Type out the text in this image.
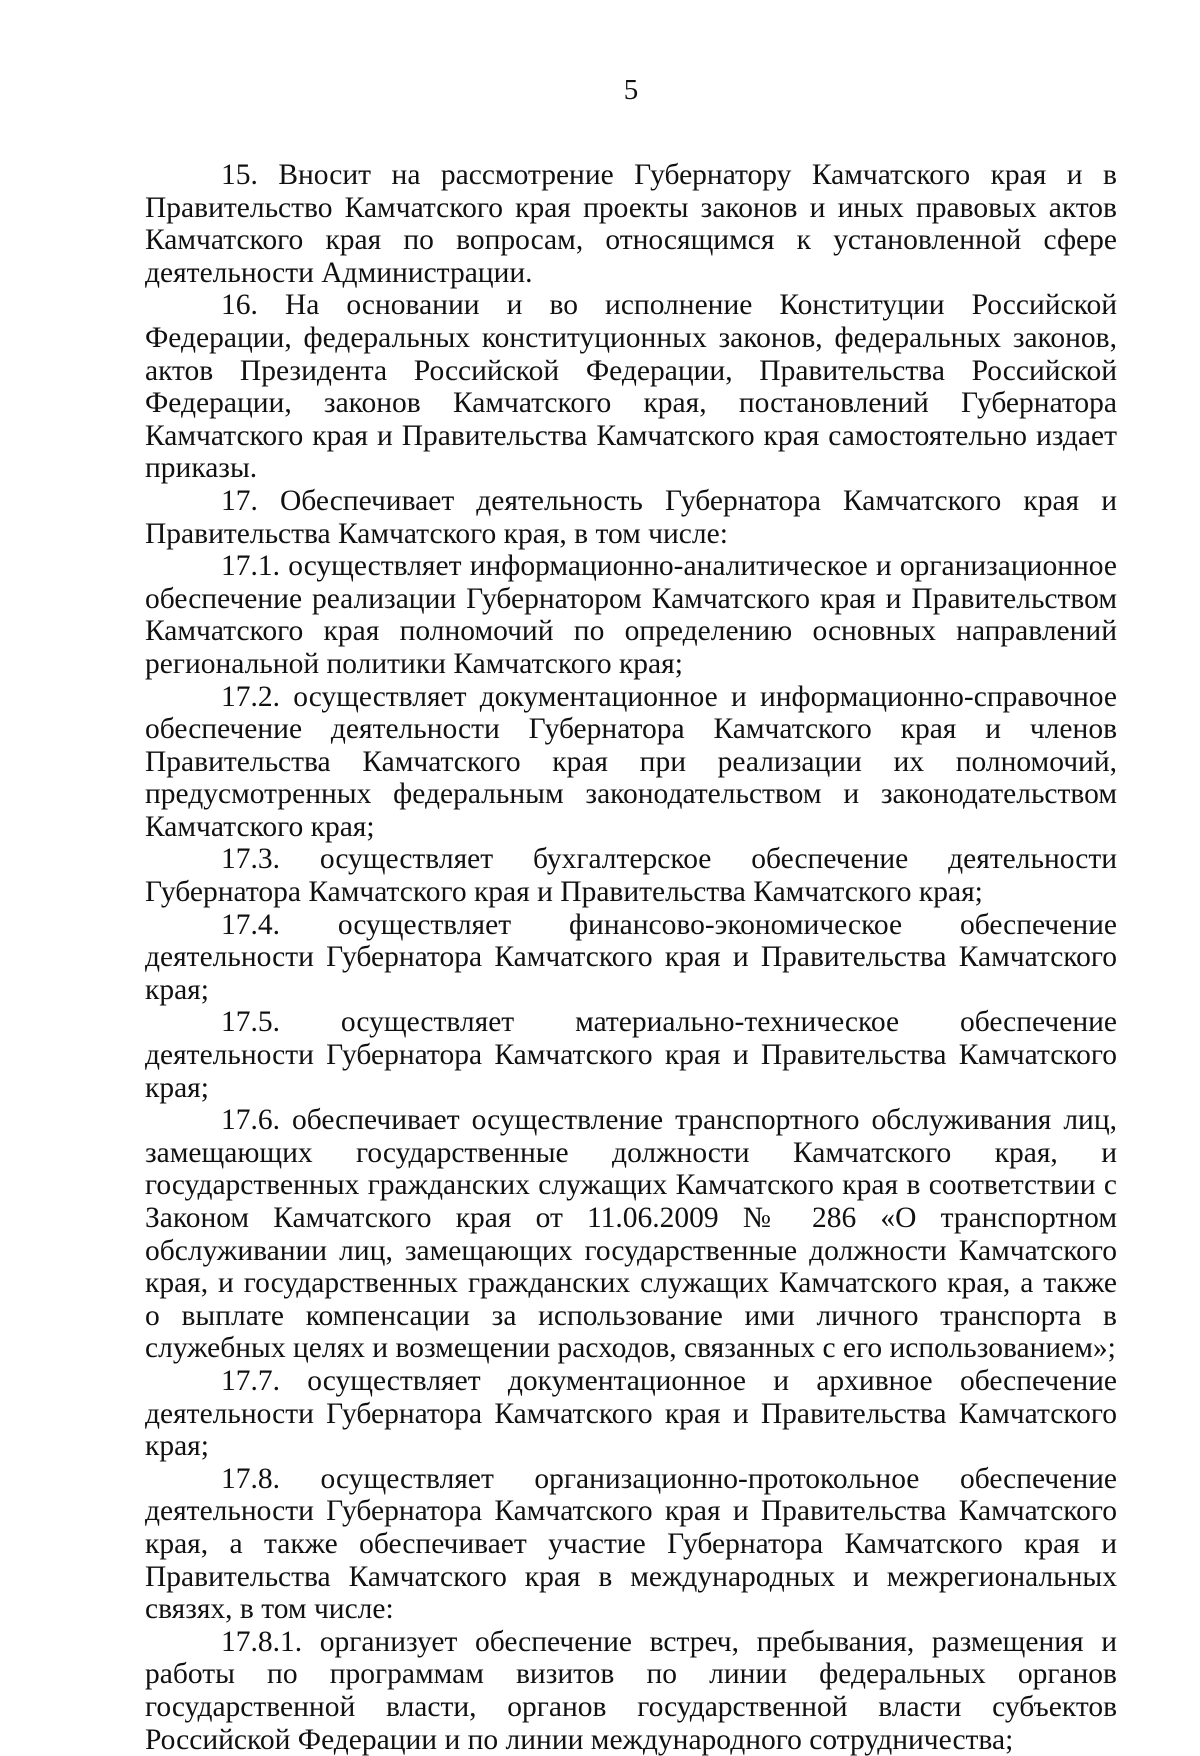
5

15. Вносит на рассмотрение Губернатору Камчатского края и в Правительство Камчатского края проекты законов и иных правовых актов Камчатского края по вопросам, относящимся к установленной сфере деятельности Администрации.

16. На основании и во исполнение Конституции Российской Федерации, федеральных конституционных законов, федеральных законов, актов Президента Российской Федерации, Правительства Российской Федерации, законов Камчатского края, постановлений Губернатора Камчатского края и Правительства Камчатского края самостоятельно издает приказы.

17. Обеспечивает деятельность Губернатора Камчатского края и Правительства Камчатского края, в том числе:

17.1. осуществляет информационно-аналитическое и организационное обеспечение реализации Губернатором Камчатского края и Правительством Камчатского края полномочий по определению основных направлений региональной политики Камчатского края;

17.2. осуществляет документационное и информационно-справочное обеспечение деятельности Губернатора Камчатского края и членов Правительства Камчатского края при реализации их полномочий, предусмотренных федеральным законодательством и законодательством Камчатского края;

17.3. осуществляет бухгалтерское обеспечение деятельности Губернатора Камчатского края и Правительства Камчатского края;

17.4. осуществляет финансово-экономическое обеспечение деятельности Губернатора Камчатского края и Правительства Камчатского края;

17.5. осуществляет материально-техническое обеспечение деятельности Губернатора Камчатского края и Правительства Камчатского края;

17.6. обеспечивает осуществление транспортного обслуживания лиц, замещающих государственные должности Камчатского края, и государственных гражданских служащих Камчатского края в соответствии с Законом Камчатского края от 11.06.2009 № 286 «О транспортном обслуживании лиц, замещающих государственные должности Камчатского края, и государственных гражданских служащих Камчатского края, а также о выплате компенсации за использование ими личного транспорта в служебных целях и возмещении расходов, связанных с его использованием»;

17.7. осуществляет документационное и архивное обеспечение деятельности Губернатора Камчатского края и Правительства Камчатского края;

17.8. осуществляет организационно-протокольное обеспечение деятельности Губернатора Камчатского края и Правительства Камчатского края, а также обеспечивает участие Губернатора Камчатского края и Правительства Камчатского края в международных и межрегиональных связях, в том числе:

17.8.1. организует обеспечение встреч, пребывания, размещения и работы по программам визитов по линии федеральных органов государственной власти, органов государственной власти субъектов Российской Федерации и по линии международного сотрудничества;
